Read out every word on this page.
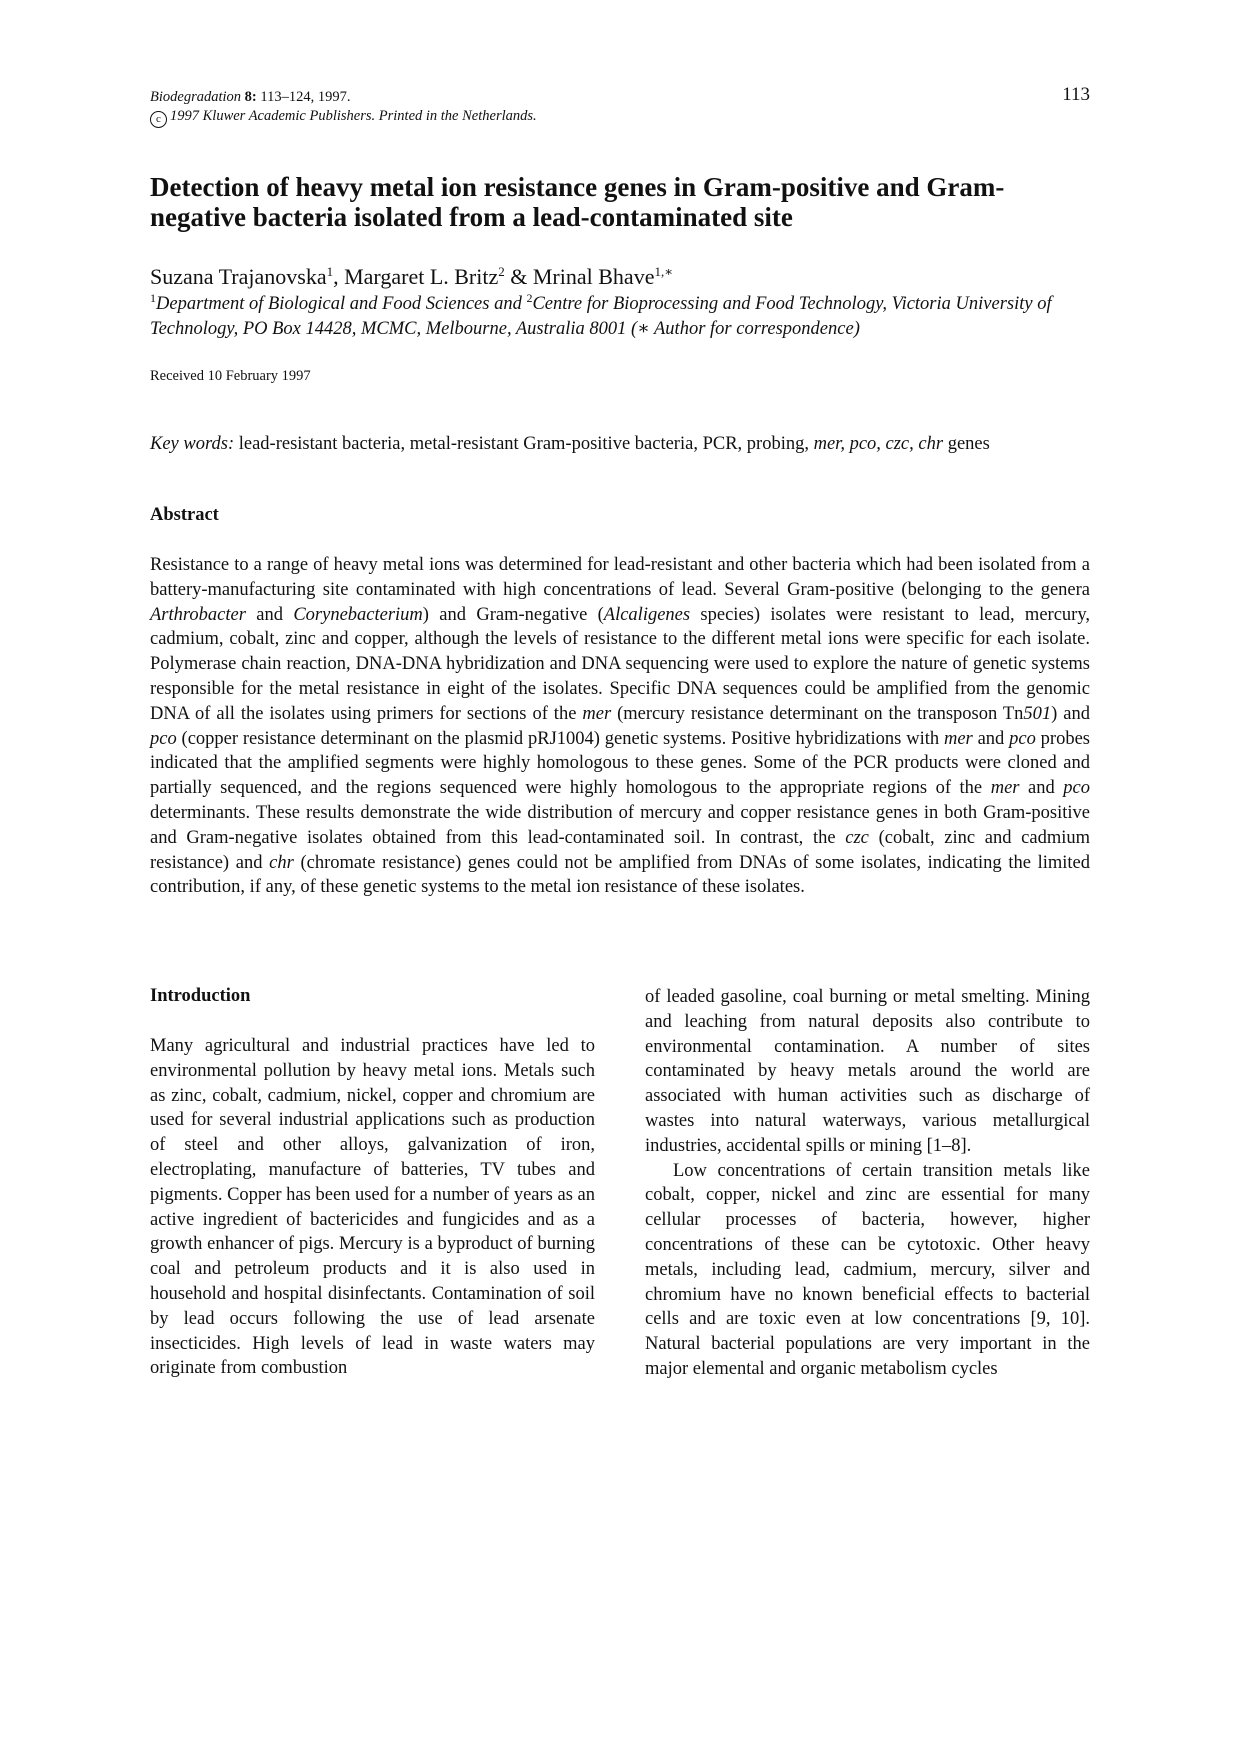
Biodegradation 8: 113–124, 1997.
c 1997 Kluwer Academic Publishers. Printed in the Netherlands.
113
Detection of heavy metal ion resistance genes in Gram-positive and Gram-negative bacteria isolated from a lead-contaminated site
Suzana Trajanovska$^1$, Margaret L. Britz$^2$ & Mrinal Bhave$^{1,∗}$
$^1$Department of Biological and Food Sciences and $^2$Centre for Bioprocessing and Food Technology, Victoria University of Technology, PO Box 14428, MCMC, Melbourne, Australia 8001 (∗ Author for correspondence)
Received 10 February 1997
Key words: lead-resistant bacteria, metal-resistant Gram-positive bacteria, PCR, probing, mer, pco, czc, chr genes
Abstract
Resistance to a range of heavy metal ions was determined for lead-resistant and other bacteria which had been isolated from a battery-manufacturing site contaminated with high concentrations of lead. Several Gram-positive (belonging to the genera Arthrobacter and Corynebacterium) and Gram-negative (Alcaligenes species) isolates were resistant to lead, mercury, cadmium, cobalt, zinc and copper, although the levels of resistance to the different metal ions were specific for each isolate. Polymerase chain reaction, DNA-DNA hybridization and DNA sequencing were used to explore the nature of genetic systems responsible for the metal resistance in eight of the isolates. Specific DNA sequences could be amplified from the genomic DNA of all the isolates using primers for sections of the mer (mercury resistance determinant on the transposon Tn501) and pco (copper resistance determinant on the plasmid pRJ1004) genetic systems. Positive hybridizations with mer and pco probes indicated that the amplified segments were highly homologous to these genes. Some of the PCR products were cloned and partially sequenced, and the regions sequenced were highly homologous to the appropriate regions of the mer and pco determinants. These results demonstrate the wide distribution of mercury and copper resistance genes in both Gram-positive and Gram-negative isolates obtained from this lead-contaminated soil. In contrast, the czc (cobalt, zinc and cadmium resistance) and chr (chromate resistance) genes could not be amplified from DNAs of some isolates, indicating the limited contribution, if any, of these genetic systems to the metal ion resistance of these isolates.
Introduction

Many agricultural and industrial practices have led to environmental pollution by heavy metal ions. Metals such as zinc, cobalt, cadmium, nickel, copper and chromium are used for several industrial applications such as production of steel and other alloys, galvanization of iron, electroplating, manufacture of batteries, TV tubes and pigments. Copper has been used for a number of years as an active ingredient of bactericides and fungicides and as a growth enhancer of pigs. Mercury is a byproduct of burning coal and petroleum products and it is also used in household and hospital disinfectants. Contamination of soil by lead occurs following the use of lead arsenate insecticides. High levels of lead in waste waters may originate from combustion

of leaded gasoline, coal burning or metal smelting. Mining and leaching from natural deposits also contribute to environmental contamination. A number of sites contaminated by heavy metals around the world are associated with human activities such as discharge of wastes into natural waterways, various metallurgical industries, accidental spills or mining [1–8].

Low concentrations of certain transition metals like cobalt, copper, nickel and zinc are essential for many cellular processes of bacteria, however, higher concentrations of these can be cytotoxic. Other heavy metals, including lead, cadmium, mercury, silver and chromium have no known beneficial effects to bacterial cells and are toxic even at low concentrations [9, 10]. Natural bacterial populations are very important in the major elemental and organic metabolism cycles
